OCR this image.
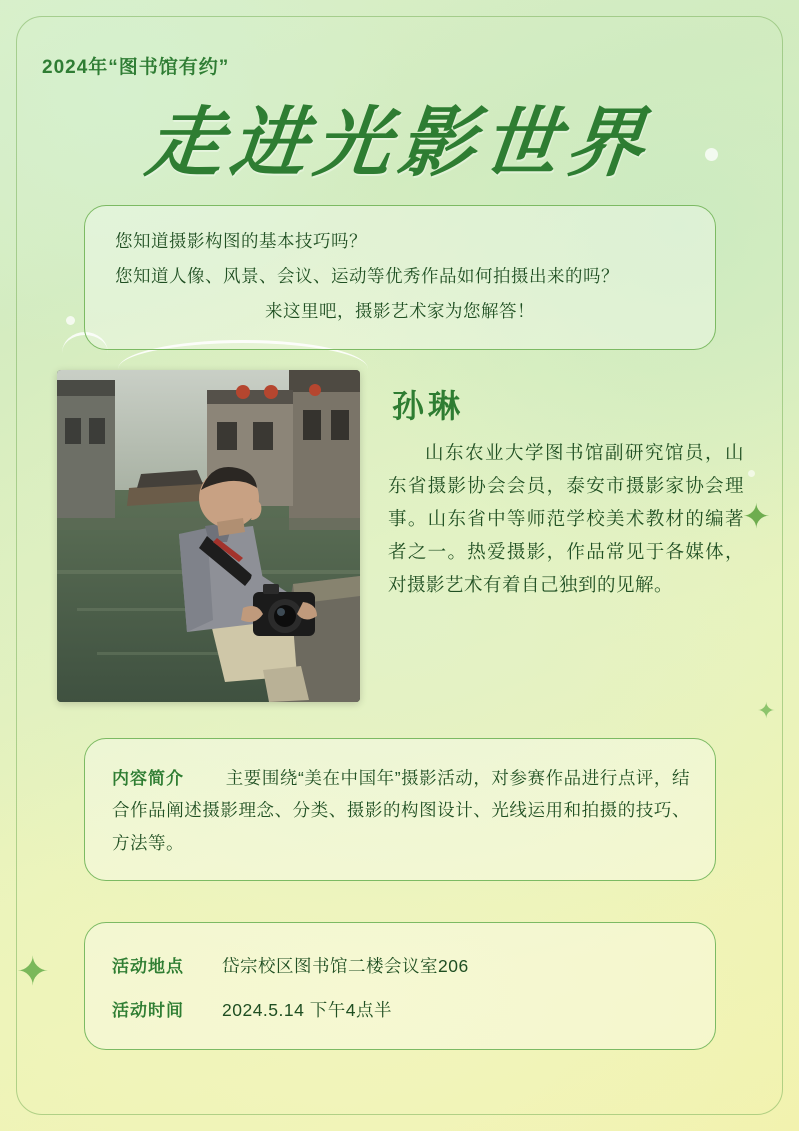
✦
✦
✦
2024年“图书馆有约”
走进光影世界

您知道摄影构图的基本技巧吗？

您知道人像、风景、会议、运动等优秀作品如何拍摄出来的吗？

来这里吧，摄影艺术家为您解答！

孙琳
山东农业大学图书馆副研究馆员，山东省摄影协会会员，泰安市摄影家协会理事。山东省中等师范学校美术教材的编著者之一。热爱摄影，作品常见于各媒体，对摄影艺术有着自己独到的见解。
内容简介	主要围绕“美在中国年”摄影活动，对参赛作品进行点评，结合作品阐述摄影理念、分类、摄影的构图设计、光线运用和拍摄的技巧、方法等。
活动地点	岱宗校区图书馆二楼会议室206
活动时间	2024.5.14 下午4点半
